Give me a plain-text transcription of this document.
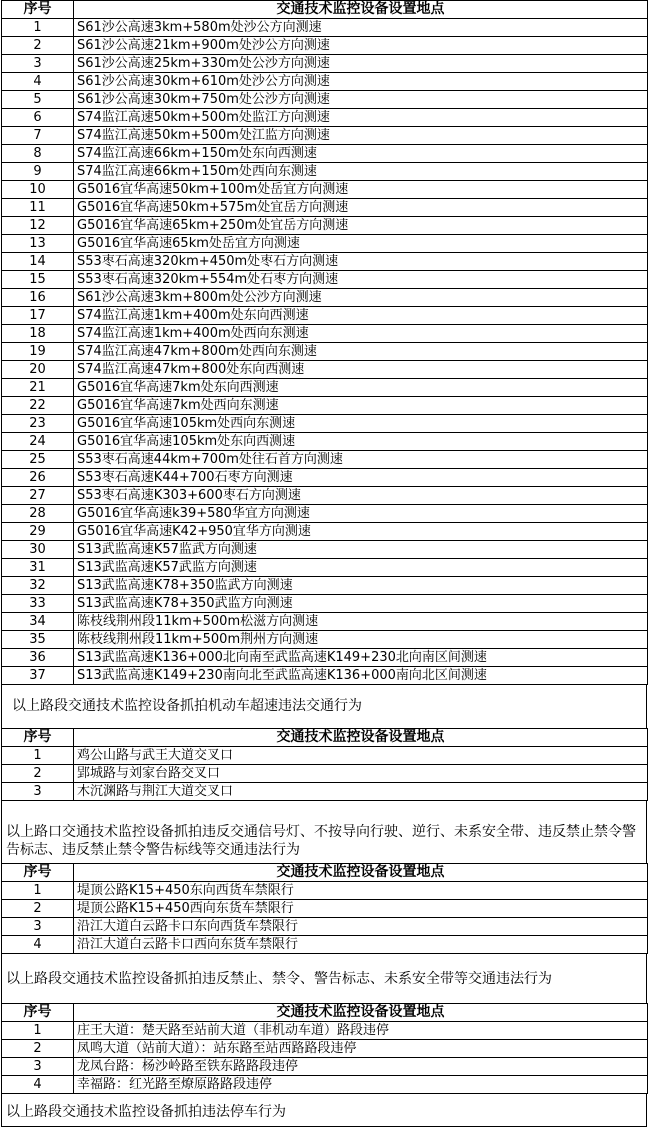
序号	交通技术监控设备设置地点
1	S61沙公高速3km+580m处沙公方向测速
2	S61沙公高速21km+900m处沙公方向测速
3	S61沙公高速25km+330m处公沙方向测速
4	S61沙公高速30km+610m处沙公方向测速
5	S61沙公高速30km+750m处公沙方向测速
6	S74监江高速50km+500m处监江方向测速
7	S74监江高速50km+500m处江监方向测速
8	S74监江高速66km+150m处东向西测速
9	S74监江高速66km+150m处西向东测速
10	G5016宜华高速50km+100m处岳宜方向测速
11	G5016宜华高速50km+575m处宜岳方向测速
12	G5016宜华高速65km+250m处宜岳方向测速
13	G5016宜华高速65km处岳宜方向测速
14	S53枣石高速320km+450m处枣石方向测速
15	S53枣石高速320km+554m处石枣方向测速
16	S61沙公高速3km+800m处公沙方向测速
17	S74监江高速1km+400m处东向西测速
18	S74监江高速1km+400m处西向东测速
19	S74监江高速47km+800m处西向东测速
20	S74监江高速47km+800处东向西测速
21	G5016宜华高速7km处东向西测速
22	G5016宜华高速7km处西向东测速
23	G5016宜华高速105km处西向东测速
24	G5016宜华高速105km处东向西测速
25	S53枣石高速44km+700m处往石首方向测速
26	S53枣石高速K44+700石枣方向测速
27	S53枣石高速K303+600枣石方向测速
28	G5016宜华高速k39+580华宜方向测速
29	G5016宜华高速K42+950宜华方向测速
30	S13武监高速K57监武方向测速
31	S13武监高速K57武监方向测速
32	S13武监高速K78+350监武方向测速
33	S13武监高速K78+350武监方向测速
34	陈枝线荆州段11km+500m松滋方向测速
35	陈枝线荆州段11km+500m荆州方向测速
36	S13武监高速K136+000北向南至武监高速K149+230北向南区间测速
37	S13武监高速K149+230南向北至武监高速K136+000南向北区间测速
以上路段交通技术监控设备抓拍机动车超速违法交通行为
序号	交通技术监控设备设置地点
1	鸡公山路与武王大道交叉口
2	郢城路与刘家台路交叉口
3	木沉渊路与荆江大道交叉口
以上路口交通技术监控设备抓拍违反交通信号灯、不按导向行驶、逆行、未系安全带、违反禁止禁令警告标志、违反禁止禁令警告标线等交通违法行为
序号	交通技术监控设备设置地点
1	堤顶公路K15+450东向西货车禁限行
2	堤顶公路K15+450西向东货车禁限行
3	沿江大道白云路卡口东向西货车禁限行
4	沿江大道白云路卡口西向东货车禁限行
以上路段交通技术监控设备抓拍违反禁止、禁令、警告标志、未系安全带等交通违法行为
序号	交通技术监控设备设置地点
1	庄王大道：楚天路至站前大道（非机动车道）路段违停
2	凤鸣大道（站前大道）：站东路至站西路路段违停
3	龙凤台路：杨沙岭路至铁东路路段违停
4	幸福路：红光路至燎原路路段违停
以上路段交通技术监控设备抓拍违法停车行为
